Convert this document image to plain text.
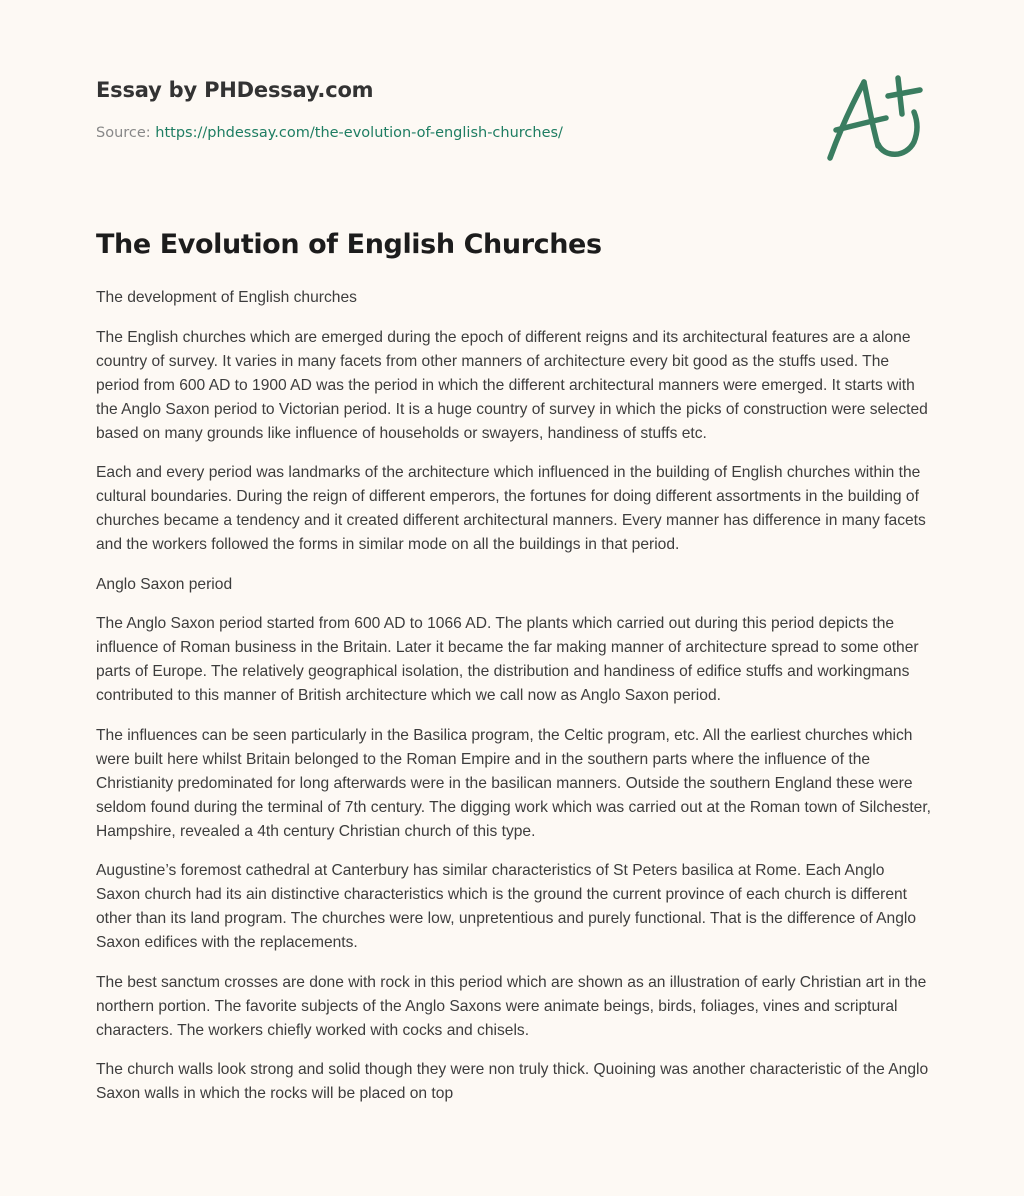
Essay by PHDessay.com
Source: https://phdessay.com/the-evolution-of-english-churches/
The Evolution of English Churches

The development of English churches

The English churches which are emerged during the epoch of different reigns and its architectural features are a alone country of survey. It varies in many facets from other manners of architecture every bit good as the stuffs used. The period from 600 AD to 1900 AD was the period in which the different architectural manners were emerged. It starts with the Anglo Saxon period to Victorian period. It is a huge country of survey in which the picks of construction were selected based on many grounds like influence of households or swayers, handiness of stuffs etc.

Each and every period was landmarks of the architecture which influenced in the building of English churches within the cultural boundaries. During the reign of different emperors, the fortunes for doing different assortments in the building of churches became a tendency and it created different architectural manners. Every manner has difference in many facets and the workers followed the forms in similar mode on all the buildings in that period.

Anglo Saxon period

The Anglo Saxon period started from 600 AD to 1066 AD. The plants which carried out during this period depicts the influence of Roman business in the Britain. Later it became the far making manner of architecture spread to some other parts of Europe. The relatively geographical isolation, the distribution and handiness of edifice stuffs and workingmans contributed to this manner of British architecture which we call now as Anglo Saxon period.

The influences can be seen particularly in the Basilica program, the Celtic program, etc. All the earliest churches which were built here whilst Britain belonged to the Roman Empire and in the southern parts where the influence of the Christianity predominated for long afterwards were in the basilican manners. Outside the southern England these were seldom found during the terminal of 7th century. The digging work which was carried out at the Roman town of Silchester, Hampshire, revealed a 4th century Christian church of this type.

Augustine’s foremost cathedral at Canterbury has similar characteristics of St Peters basilica at Rome. Each Anglo Saxon church had its ain distinctive characteristics which is the ground the current province of each church is different other than its land program. The churches were low, unpretentious and purely functional. That is the difference of Anglo Saxon edifices with the replacements.

The best sanctum crosses are done with rock in this period which are shown as an illustration of early Christian art in the northern portion. The favorite subjects of the Anglo Saxons were animate beings, birds, foliages, vines and scriptural characters. The workers chiefly worked with cocks and chisels.

The church walls look strong and solid though they were non truly thick. Quoining was another characteristic of the Anglo Saxon walls in which the rocks will be placed on top
